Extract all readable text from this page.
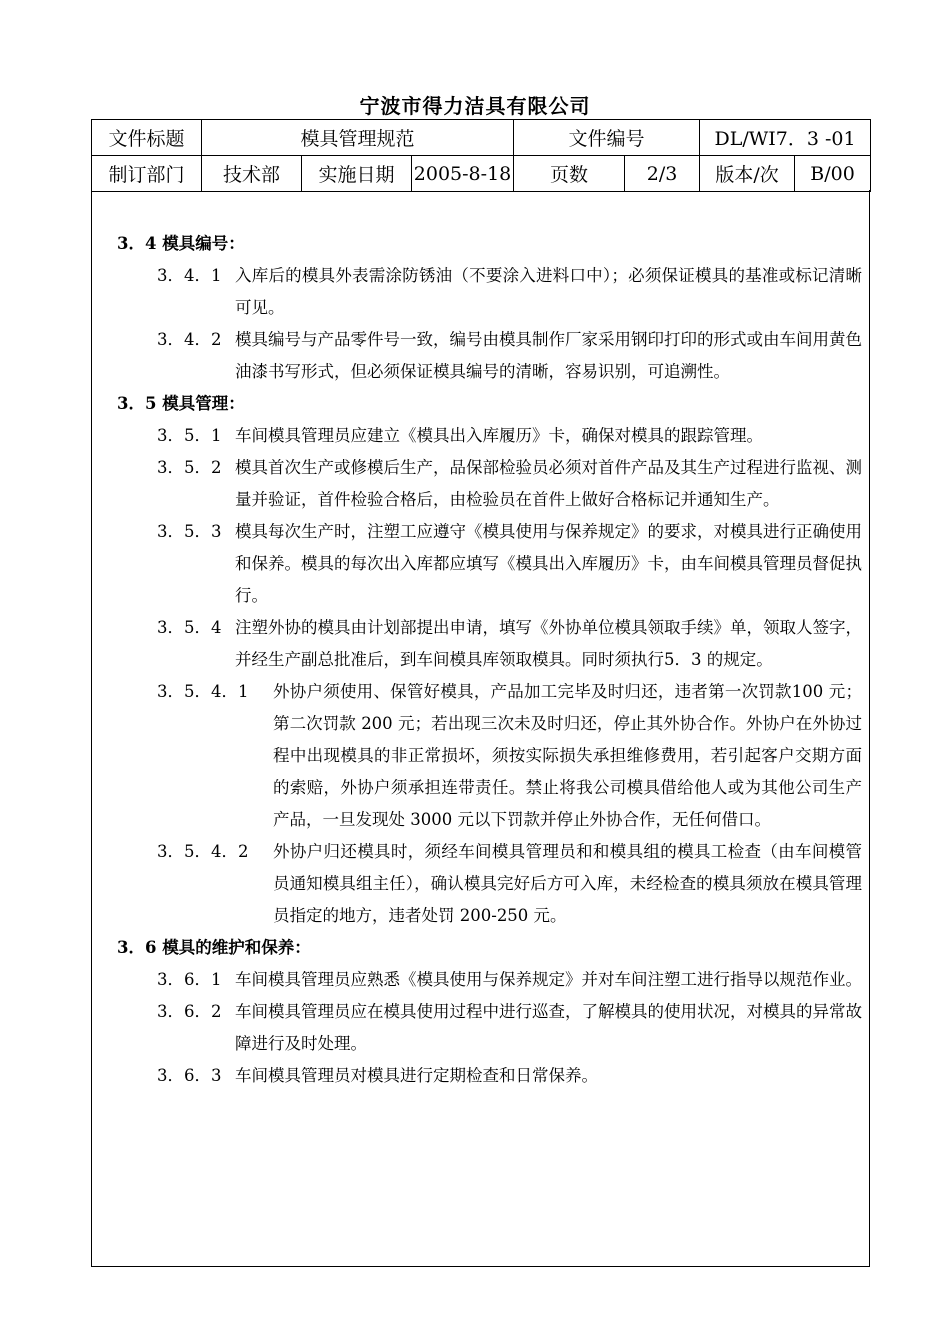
宁波市得力洁具有限公司
文件标题	模具管理规范			文件编号		DL/WI7．3 -01	
制订部门	技术部	实施日期	2005-8-18	页数	2/3	版本/次	B/00
3．4 模具编号：
3．4．1 入库后的模具外表需涂防锈油（不要涂入进料口中）；必须保证模具的基准或标记清晰可见。
3．4．2 模具编号与产品零件号一致，编号由模具制作厂家采用钢印打印的形式或由车间用黄色油漆书写形式，但必须保证模具编号的清晰，容易识别，可追溯性。
3．5 模具管理：
3．5．1 车间模具管理员应建立《模具出入库履历》卡，确保对模具的跟踪管理。
3．5．2 模具首次生产或修模后生产，品保部检验员必须对首件产品及其生产过程进行监视、测量并验证，首件检验合格后，由检验员在首件上做好合格标记并通知生产。
3．5．3 模具每次生产时，注塑工应遵守《模具使用与保养规定》的要求，对模具进行正确使用和保养。模具的每次出入库都应填写《模具出入库履历》卡，由车间模具管理员督促执行。
3．5．4 注塑外协的模具由计划部提出申请，填写《外协单位模具领取手续》单，领取人签字，并经生产副总批准后，到车间模具库领取模具。同时须执行5．3 的规定。
3．5．4．1	外协户须使用、保管好模具，产品加工完毕及时归还，违者第一次罚款100 元；第二次罚款 200 元；若出现三次未及时归还，停止其外协合作。外协户在外协过程中出现模具的非正常损坏，须按实际损失承担维修费用，若引起客户交期方面的索赔，外协户须承担连带责任。禁止将我公司模具借给他人或为其他公司生产产品，一旦发现处 3000 元以下罚款并停止外协合作，无任何借口。
3．5．4．2	外协户归还模具时，须经车间模具管理员和和模具组的模具工检查（由车间模管员通知模具组主任），确认模具完好后方可入库，未经检查的模具须放在模具管理员指定的地方，违者处罚 200-250 元。
3．6 模具的维护和保养：
3．6．1 车间模具管理员应熟悉《模具使用与保养规定》并对车间注塑工进行指导以规范作业。
3．6．2 车间模具管理员应在模具使用过程中进行巡查，了解模具的使用状况，对模具的异常故障进行及时处理。
3．6．3 车间模具管理员对模具进行定期检查和日常保养。
